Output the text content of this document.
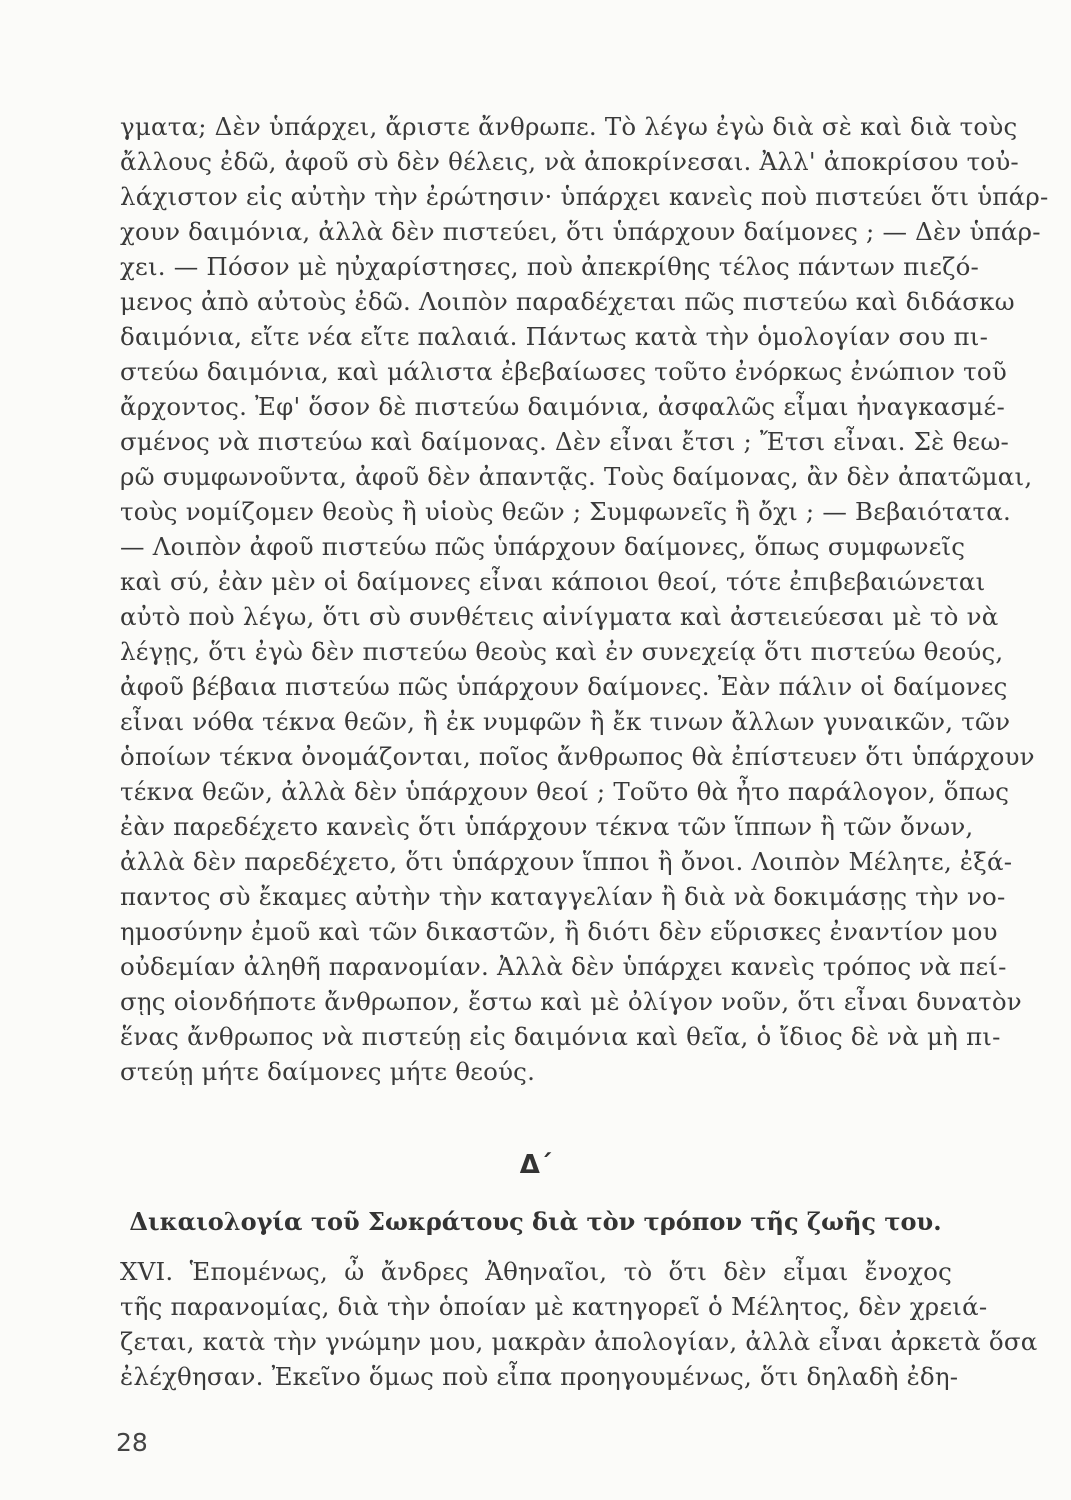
γματα; Δὲν ὑπάρχει, ἄριστε ἄνθρωπε. Τὸ λέγω ἐγὼ διὰ σὲ καὶ διὰ τοὺς
ἄλλους ἐδῶ, ἀφοῦ σὺ δὲν θέλεις, νὰ ἀποκρίνεσαι. Ἀλλ' ἀποκρίσου τοὐ-
λάχιστον εἰς αὐτὴν τὴν ἐρώτησιν· ὑπάρχει κανεὶς ποὺ πιστεύει ὅτι ὑπάρ-
χουν δαιμόνια, ἀλλὰ δὲν πιστεύει, ὅτι ὑπάρχουν δαίμονες ; — Δὲν ὑπάρ-
χει. — Πόσον μὲ ηὐχαρίστησες, ποὺ ἀπεκρίθης τέλος πάντων πιεζό-
μενος ἀπὸ αὐτοὺς ἐδῶ. Λοιπὸν παραδέχεται πῶς πιστεύω καὶ διδάσκω
δαιμόνια, εἴτε νέα εἴτε παλαιά. Πάντως κατὰ τὴν ὁμολογίαν σου πι-
στεύω δαιμόνια, καὶ μάλιστα ἐβεβαίωσες τοῦτο ἐνόρκως ἐνώπιον τοῦ
ἄρχοντος. Ἐφ' ὅσον δὲ πιστεύω δαιμόνια, ἀσφαλῶς εἶμαι ἠναγκασμέ-
σμένος νὰ πιστεύω καὶ δαίμονας. Δὲν εἶναι ἔτσι ; Ἔτσι εἶναι. Σὲ θεω-
ρῶ συμφωνοῦντα, ἀφοῦ δὲν ἀπαντᾷς. Τοὺς δαίμονας, ἂν δὲν ἀπατῶμαι,
τοὺς νομίζομεν θεοὺς ἢ υἱοὺς θεῶν ; Συμφωνεῖς ἢ ὄχι ; — Βεβαιότατα.
— Λοιπὸν ἀφοῦ πιστεύω πῶς ὑπάρχουν δαίμονες, ὅπως συμφωνεῖς
καὶ σύ, ἐὰν μὲν οἱ δαίμονες εἶναι κάποιοι θεοί, τότε ἐπιβεβαιώνεται
αὐτὸ ποὺ λέγω, ὅτι σὺ συνθέτεις αἰνίγματα καὶ ἀστειεύεσαι μὲ τὸ νὰ
λέγῃς, ὅτι ἐγὼ δὲν πιστεύω θεοὺς καὶ ἐν συνεχείᾳ ὅτι πιστεύω θεούς,
ἀφοῦ βέβαια πιστεύω πῶς ὑπάρχουν δαίμονες. Ἐὰν πάλιν οἱ δαίμονες
εἶναι νόθα τέκνα θεῶν, ἢ ἐκ νυμφῶν ἢ ἔκ τινων ἄλλων γυναικῶν, τῶν
ὁποίων τέκνα ὀνομάζονται, ποῖος ἄνθρωπος θὰ ἐπίστευεν ὅτι ὑπάρχουν
τέκνα θεῶν, ἀλλὰ δὲν ὑπάρχουν θεοί ; Τοῦτο θὰ ἦτο παράλογον, ὅπως
ἐὰν παρεδέχετο κανεὶς ὅτι ὑπάρχουν τέκνα τῶν ἵππων ἢ τῶν ὄνων,
ἀλλὰ δὲν παρεδέχετο, ὅτι ὑπάρχουν ἵπποι ἢ ὄνοι. Λοιπὸν Μέλητε, ἐξά-
παντος σὺ ἔκαμες αὐτὴν τὴν καταγγελίαν ἢ διὰ νὰ δοκιμάσῃς τὴν νο-
ημοσύνην ἐμοῦ καὶ τῶν δικαστῶν, ἢ διότι δὲν εὕρισκες ἐναντίον μου
οὐδεμίαν ἀληθῆ παρανομίαν. Ἀλλὰ δὲν ὑπάρχει κανεὶς τρόπος νὰ πεί-
σῃς οἱονδήποτε ἄνθρωπον, ἔστω καὶ μὲ ὀλίγον νοῦν, ὅτι εἶναι δυνατὸν
ἕνας ἄνθρωπος νὰ πιστεύῃ εἰς δαιμόνια καὶ θεῖα, ὁ ἴδιος δὲ νὰ μὴ πι-
στεύῃ μήτε δαίμονες μήτε θεούς.
Δ΄
Δικαιολογία τοῦ Σωκράτους διὰ τὸν τρόπον τῆς ζωῆς του.
XVI. Ἑπομένως, ὦ ἄνδρες Ἀθηναῖοι, τὸ ὅτι δὲν εἶμαι ἔνοχος
τῆς παρανομίας, διὰ τὴν ὁποίαν μὲ κατηγορεῖ ὁ Μέλητος, δὲν χρειά-
ζεται, κατὰ τὴν γνώμην μου, μακρὰν ἀπολογίαν, ἀλλὰ εἶναι ἀρκετὰ ὅσα
ἐλέχθησαν. Ἐκεῖνο ὅμως ποὺ εἶπα προηγουμένως, ὅτι δηλαδὴ ἐδη-
28
